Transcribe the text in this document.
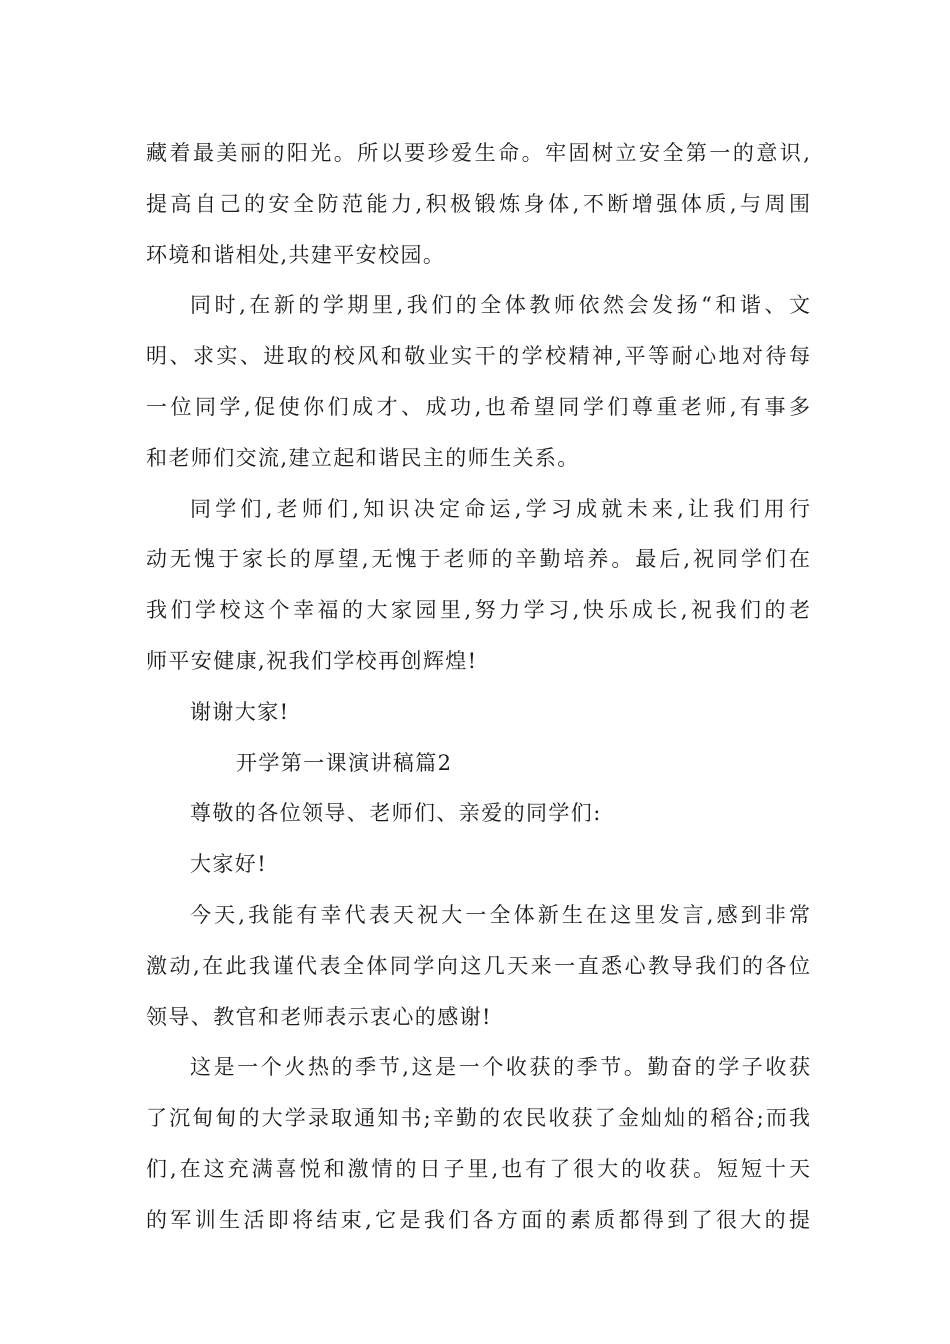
藏着最美丽的阳光。所以要珍爱生命。牢固树立安全第一的意识,
提高自己的安全防范能力,积极锻炼身体,不断增强体质,与周围
环境和谐相处,共建平安校园。
同时,在新的学期里,我们的全体教师依然会发扬“和谐、文
明、求实、进取的校风和敬业实干的学校精神,平等耐心地对待每
一位同学,促使你们成才、成功,也希望同学们尊重老师,有事多
和老师们交流,建立起和谐民主的师生关系。
同学们,老师们,知识决定命运,学习成就未来,让我们用行
动无愧于家长的厚望,无愧于老师的辛勤培养。最后,祝同学们在
我们学校这个幸福的大家园里,努力学习,快乐成长,祝我们的老
师平安健康,祝我们学校再创辉煌!
谢谢大家!
开学第一课演讲稿篇2
尊敬的各位领导、老师们、亲爱的同学们:
大家好!
今天,我能有幸代表天祝大一全体新生在这里发言,感到非常
激动,在此我谨代表全体同学向这几天来一直悉心教导我们的各位
领导、教官和老师表示衷心的感谢!
这是一个火热的季节,这是一个收获的季节。勤奋的学子收获
了沉甸甸的大学录取通知书;辛勤的农民收获了金灿灿的稻谷;而我
们,在这充满喜悦和激情的日子里,也有了很大的收获。短短十天
的军训生活即将结束,它是我们各方面的素质都得到了很大的提
